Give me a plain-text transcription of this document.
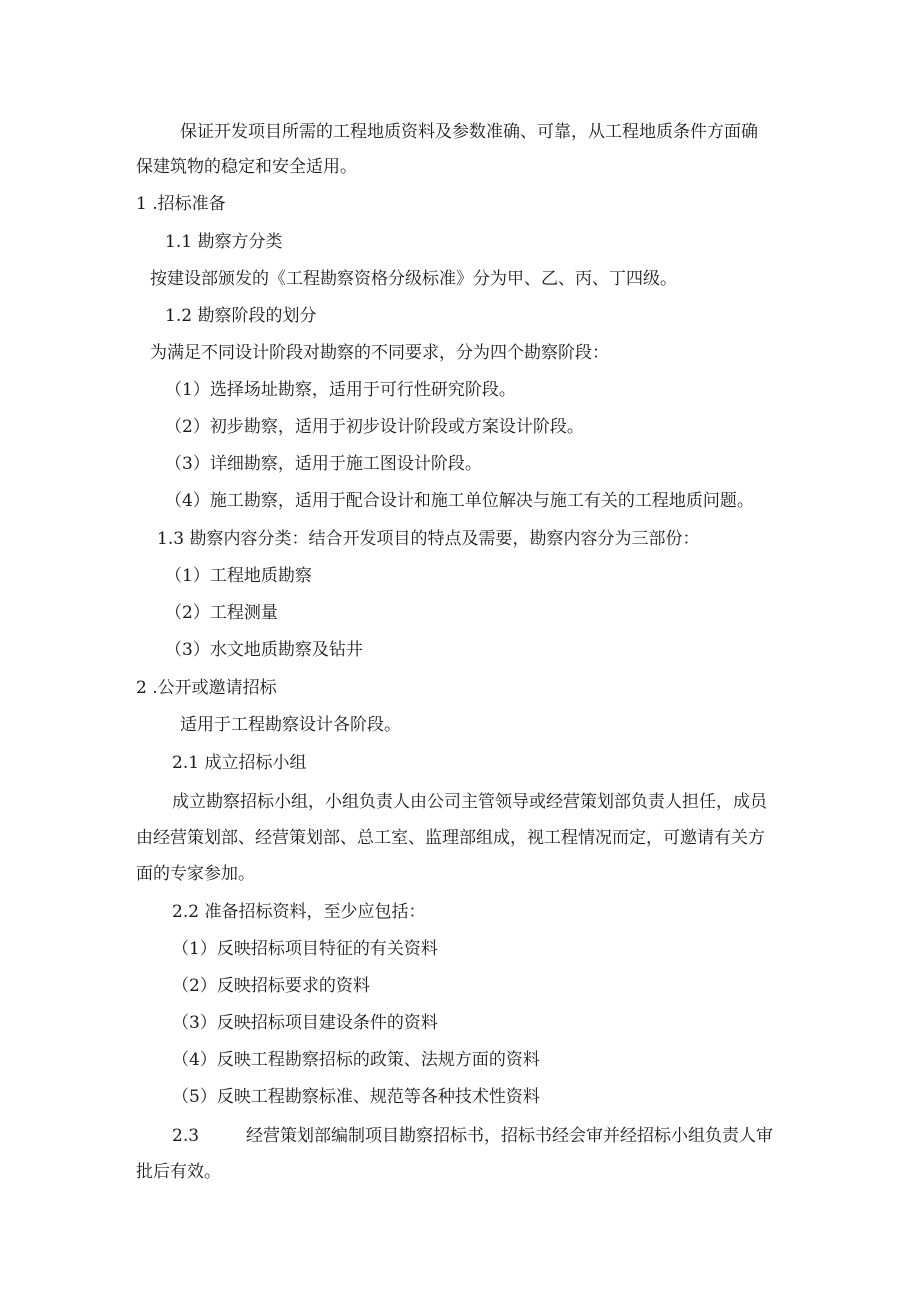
保证开发项目所需的工程地质资料及参数准确、可靠，从工程地质条件方面确
保建筑物的稳定和安全适用。
1 .招标准备
1.1 勘察方分类
按建设部颁发的《工程勘察资格分级标准》分为甲、乙、丙、丁四级。
1.2 勘察阶段的划分
为满足不同设计阶段对勘察的不同要求，分为四个勘察阶段：
（1）选择场址勘察，适用于可行性研究阶段。
（2）初步勘察，适用于初步设计阶段或方案设计阶段。
（3）详细勘察，适用于施工图设计阶段。
（4）施工勘察，适用于配合设计和施工单位解决与施工有关的工程地质问题。
1.3 勘察内容分类：结合开发项目的特点及需要，勘察内容分为三部份：
（1）工程地质勘察
（2）工程测量
（3）水文地质勘察及钻井
2 .公开或邀请招标
适用于工程勘察设计各阶段。
2.1 成立招标小组
成立勘察招标小组，小组负责人由公司主管领导或经营策划部负责人担任，成员
由经营策划部、经营策划部、总工室、监理部组成，视工程情况而定，可邀请有关方
面的专家参加。
2.2 准备招标资料，至少应包括：
（1）反映招标项目特征的有关资料
（2）反映招标要求的资料
（3）反映招标项目建设条件的资料
（4）反映工程勘察招标的政策、法规方面的资料
（5）反映工程勘察标准、规范等各种技术性资料
2.3	经营策划部编制项目勘察招标书，招标书经会审并经招标小组负责人审
批后有效。
